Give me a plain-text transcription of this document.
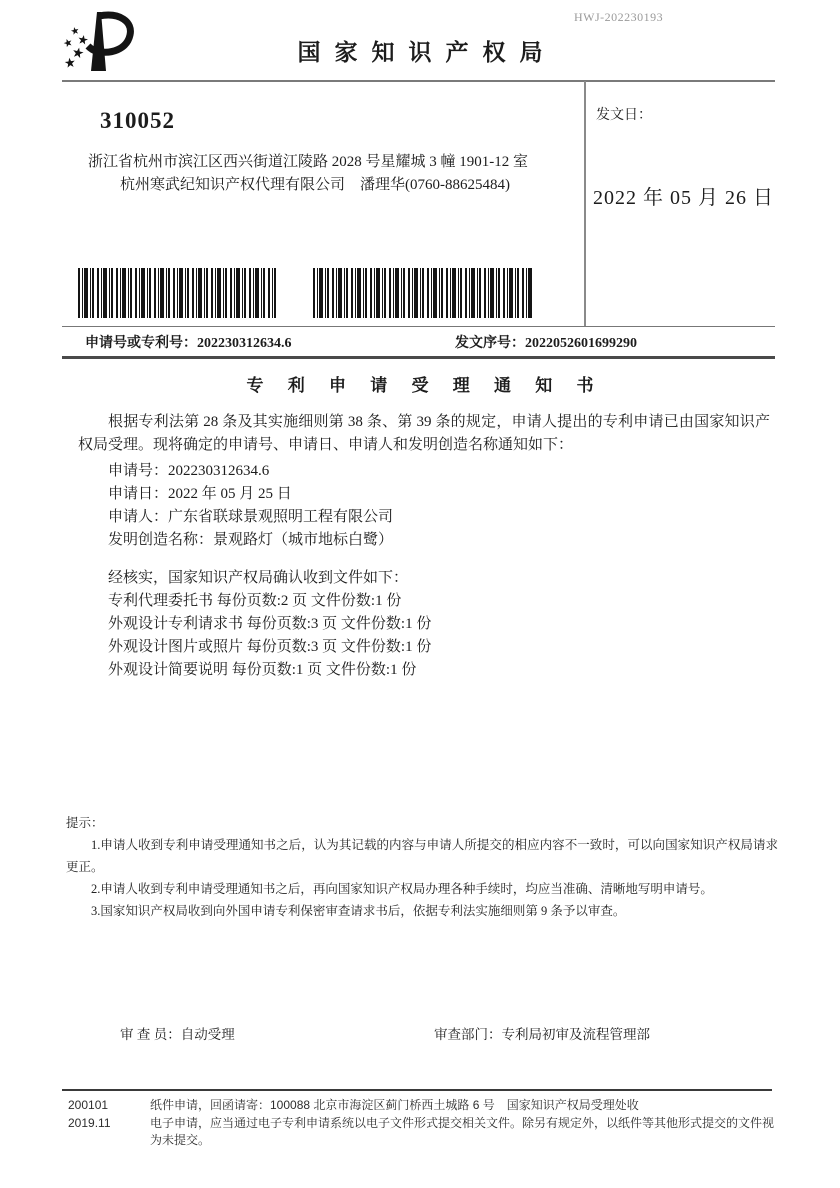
HWJ-202230193
国家知识产权局
310052
浙江省杭州市滨江区西兴街道江陵路 2028 号星耀城 3 幢 1901-12 室
杭州寒武纪知识产权代理有限公司　潘理华(0760-88625484)
发文日：
2022 年 05 月 26 日
申请号或专利号：202230312634.6	发文序号：2022052601699290
专 利 申 请 受 理 通 知 书
根据专利法第 28 条及其实施细则第 38 条、第 39 条的规定，申请人提出的专利申请已由国家知识产权局受理。现将确定的申请号、申请日、申请人和发明创造名称通知如下：
申请号：202230312634.6
申请日：2022 年 05 月 25 日
申请人：广东省联球景观照明工程有限公司
发明创造名称：景观路灯（城市地标白鹭）
经核实，国家知识产权局确认收到文件如下：
专利代理委托书 每份页数:2 页 文件份数:1 份
外观设计专利请求书 每份页数:3 页 文件份数:1 份
外观设计图片或照片 每份页数:3 页 文件份数:1 份
外观设计简要说明 每份页数:1 页 文件份数:1 份

提示：

1.申请人收到专利申请受理通知书之后，认为其记载的内容与申请人所提交的相应内容不一致时，可以向国家知识产权局请求更正。

2.申请人收到专利申请受理通知书之后，再向国家知识产权局办理各种手续时，均应当准确、清晰地写明申请号。

3.国家知识产权局收到向外国申请专利保密审查请求书后，依据专利法实施细则第 9 条予以审查。

审 查 员：自动受理	审查部门：专利局初审及流程管理部
200101	纸件申请，回函请寄：100088 北京市海淀区蓟门桥西土城路 6 号　国家知识产权局受理处收
2019.11	电子申请，应当通过电子专利申请系统以电子文件形式提交相关文件。除另有规定外，以纸件等其他形式提交的文件视为未提交。
